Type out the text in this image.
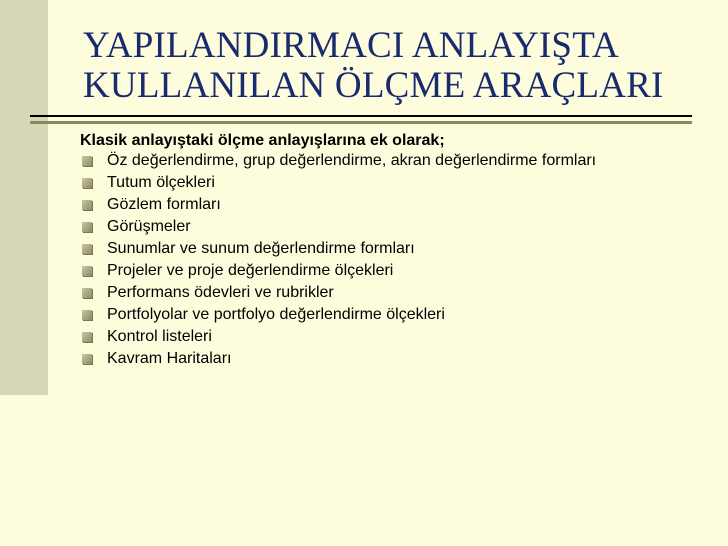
YAPILANDIRMACI ANLAYIŞTA
KULLANILAN ÖLÇME ARAÇLARI

Klasik anlayıştaki ölçme anlayışlarına ek olarak;

Öz değerlendirme, grup değerlendirme, akran değerlendirme formları
Tutum ölçekleri
Gözlem formları
Görüşmeler
Sunumlar ve sunum değerlendirme formları
Projeler ve proje değerlendirme ölçekleri
Performans ödevleri ve rubrikler
Portfolyolar ve portfolyo değerlendirme ölçekleri
Kontrol listeleri
Kavram Haritaları
